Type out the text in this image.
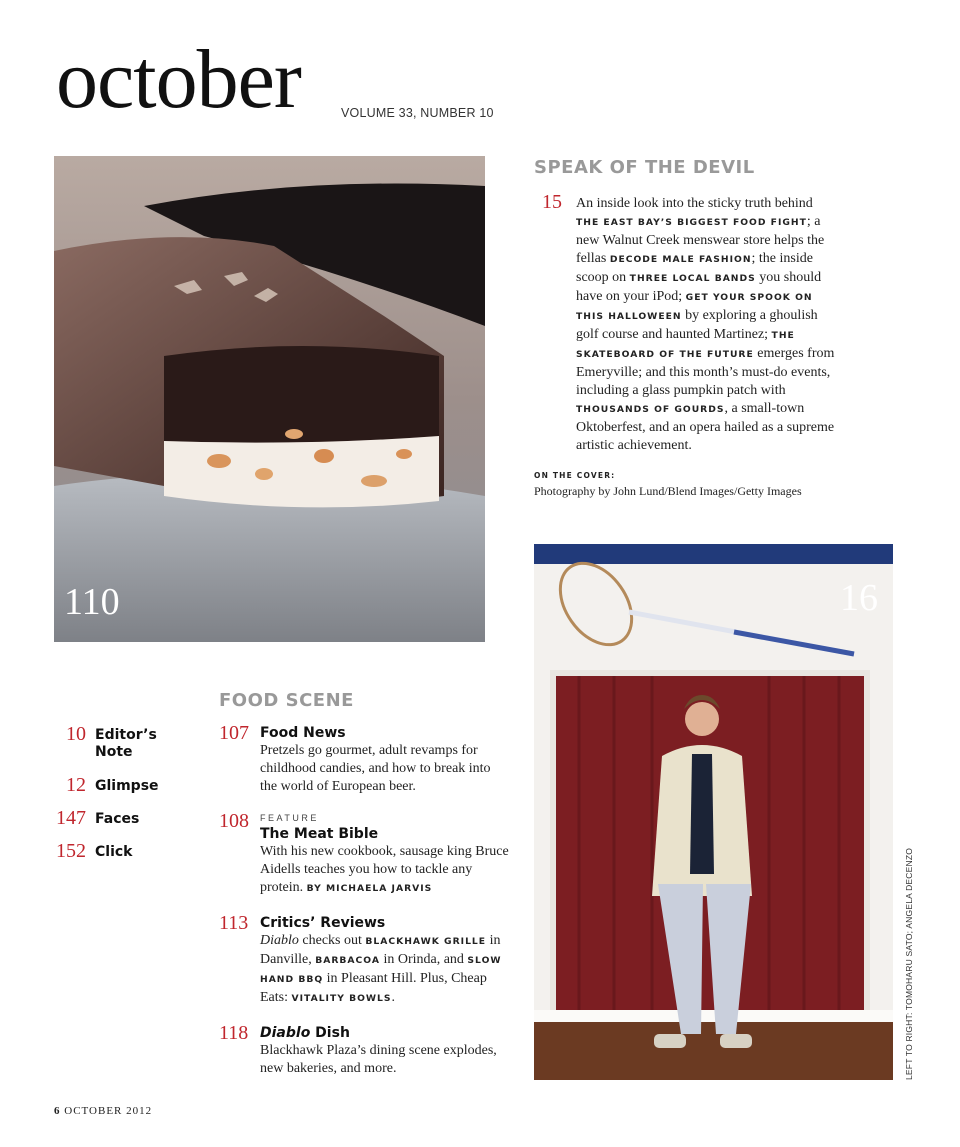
october	VOLUME 33, NUMBER 10
110	16
LEFT TO RIGHT: TOMOHARU SATO; ANGELA DECENZO
SPEAK OF THE DEVIL
15 An inside look into the sticky truth behind THE EAST BAY’S BIGGEST FOOD FIGHT; a new Walnut Creek menswear store helps the fellas DECODE MALE FASHION; the inside scoop on THREE LOCAL BANDS you should have on your iPod; GET YOUR SPOOK ON THIS HALLOWEEN by exploring a ghoulish golf course and haunted Martinez; THE SKATEBOARD OF THE FUTURE emerges from Emeryville; and this month’s must-do events, including a glass pumpkin patch with THOUSANDS OF GOURDS, a small-town Oktoberfest, and an opera hailed as a supreme artistic achievement.
ON THE COVER:
Photography by John Lund/Blend Images/Getty Images
10 Editor’s Note
12 Glimpse
147 Faces
152 Click
FOOD SCENE
107 Food News
Pretzels go gourmet, adult revamps for childhood candies, and how to break into the world of European beer.
108 FEATURE
The Meat Bible
With his new cookbook, sausage king Bruce Aidells teaches you how to tackle any protein. BY MICHAELA JARVIS
113 Critics’ Reviews
Diablo checks out BLACKHAWK GRILLE in Danville, BARBACOA in Orinda, and SLOW HAND BBQ in Pleasant Hill. Plus, Cheap Eats: VITALITY BOWLS.
118 Diablo Dish
Blackhawk Plaza’s dining scene explodes, new bakeries, and more.
6 OCTOBER 2012
